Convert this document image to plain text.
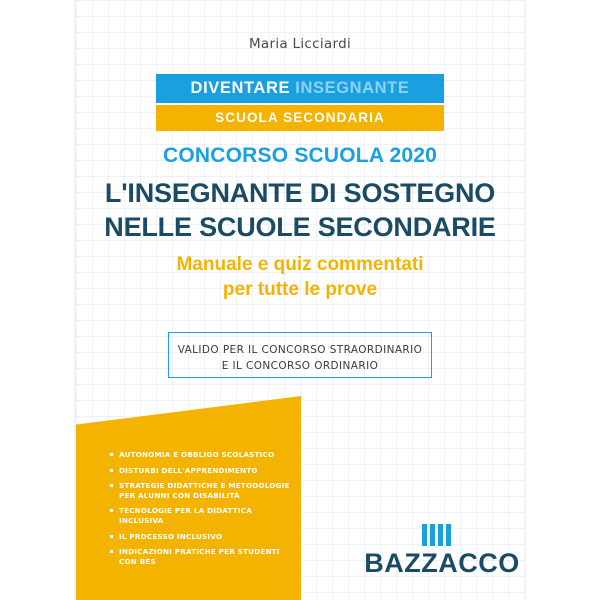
Maria Licciardi
DIVENTARE INSEGNANTE
SCUOLA SECONDARIA
CONCORSO SCUOLA 2020
L'INSEGNANTE DI SOSTEGNO
NELLE SCUOLE SECONDARIE
Manuale e quiz commentati
per tutte le prove
VALIDO PER IL CONCORSO STRAORDINARIO
E IL CONCORSO ORDINARIO
AUTONOMIA E OBBLIGO SCOLASTICO
DISTURBI DELL'APPRENDIMENTO
STRATEGIE DIDATTICHE E METODOLOGIE PER ALUNNI CON DISABILITÀ
TECNOLOGIE PER LA DIDATTICA INCLUSIVA
IL PROCESSO INCLUSIVO
INDICAZIONI PRATICHE PER STUDENTI CON BES	BAZZACCO
